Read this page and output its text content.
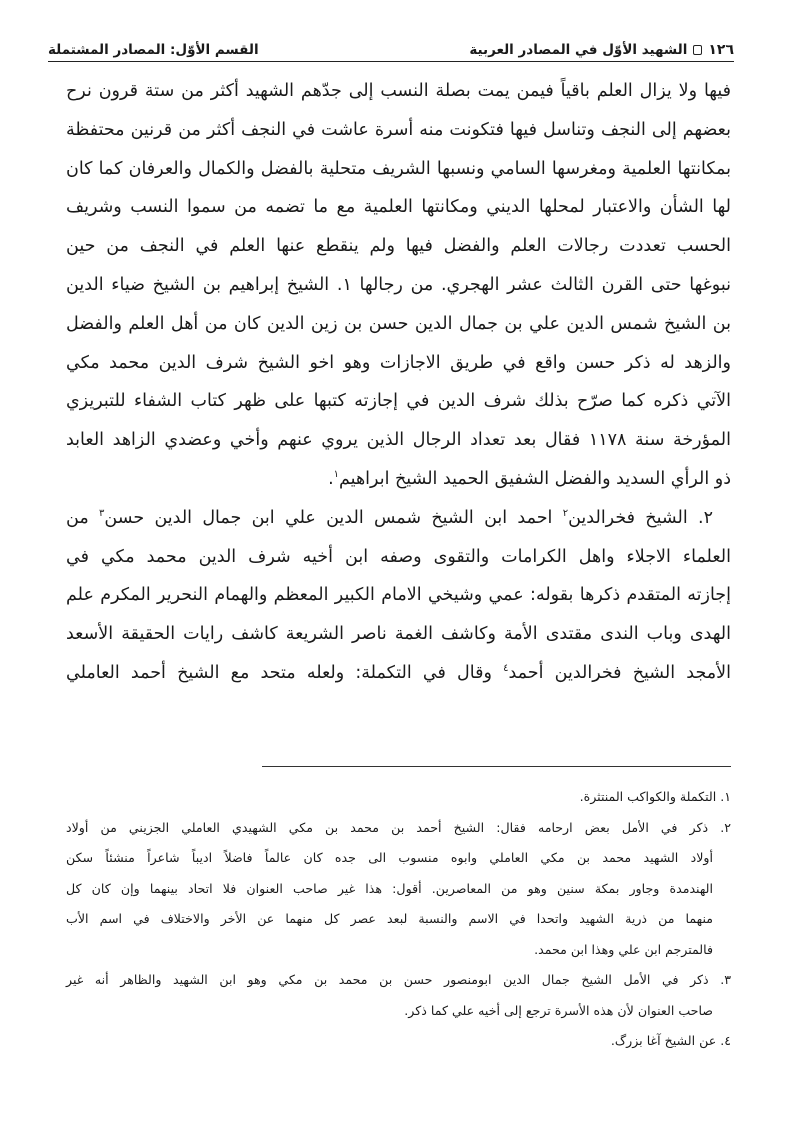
١٢٦
الشهيد الأوّل في المصادر العربية
القسم الأوّل: المصادر المشتملة
فيها ولا يزال العلم باقياً فيمن يمت بصلة النسب إلى جدّهم الشهيد أكثر من ستة قرون نرح
بعضهم إلى النجف وتناسل فيها فتكونت منه أسرة عاشت في النجف أكثر من قرنين محتفظة
بمكانتها العلمية ومغرسها السامي ونسبها الشريف متحلية بالفضل والكمال والعرفان كما كان
لها الشأن والاعتبار لمحلها الديني ومكانتها العلمية مع ما تضمه من سموا النسب وشريف
الحسب تعددت رجالات العلم والفضل فيها ولم ينقطع عنها العلم في النجف من حين
نبوغها حتى القرن الثالث عشر الهجري. من رجالها ١. الشيخ إبراهيم بن الشيخ ضياء الدين
بن الشيخ شمس الدين علي بن جمال الدين حسن بن زين الدين كان من أهل العلم والفضل
والزهد له ذكر حسن واقع في طريق الاجازات وهو اخو الشيخ شرف الدين محمد مكي
الآتي ذكره كما صرّح بذلك شرف الدين في إجازته كتبها على ظهر كتاب الشفاء للتبريزي
المؤرخة سنة ١١٧٨ فقال بعد تعداد الرجال الذين يروي عنهم وأخي وعضدي الزاهد العابد
ذو الرأي السديد والفضل الشفيق الحميد الشيخ ابراهيم$^١$.
٢. الشيخ فخرالدين$^٢$ احمد ابن الشيخ شمس الدين علي ابن جمال الدين حسن$^٣$ من
العلماء الاجلاء واهل الكرامات والتقوى وصفه ابن أخيه شرف الدين محمد مكي في
إجازته المتقدم ذكرها بقوله: عمي وشيخي الامام الكبير المعظم والهمام النحرير المكرم علم
الهدى وباب الندى مقتدى الأمة وكاشف الغمة ناصر الشريعة كاشف رايات الحقيقة الأسعد
الأمجد الشيخ فخرالدين أحمد$^٤$ وقال في التكملة: ولعله متحد مع الشيخ أحمد العاملي
١. التكملة والكواكب المنتثرة.
٢. ذكر في الأمل بعض ارحامه فقال: الشيخ أحمد بن محمد بن مكي الشهيدي العاملي الجزيني من أولاد
أولاد الشهيد محمد بن مكي العاملي وابوه منسوب الى جده كان عالماً فاضلاً اديباً شاعراً منشئاً سكن
الهندمدة وجاور بمكة سنين وهو من المعاصرين. أقول: هذا غير صاحب العنوان فلا اتحاد بينهما وإن كان كل
منهما من ذرية الشهيد واتحدا في الاسم والنسبة لبعد عصر كل منهما عن الأخر والاختلاف في اسم الأب
فالمترجم ابن علي وهذا ابن محمد.
٣. ذكر في الأمل الشيخ جمال الدين ابومنصور حسن بن محمد بن مكي وهو ابن الشهيد والظاهر أنه غير
صاحب العنوان لأن هذه الأسرة ترجع إلى أخيه علي كما ذكر.
٤. عن الشيخ آغا بزرگ.
